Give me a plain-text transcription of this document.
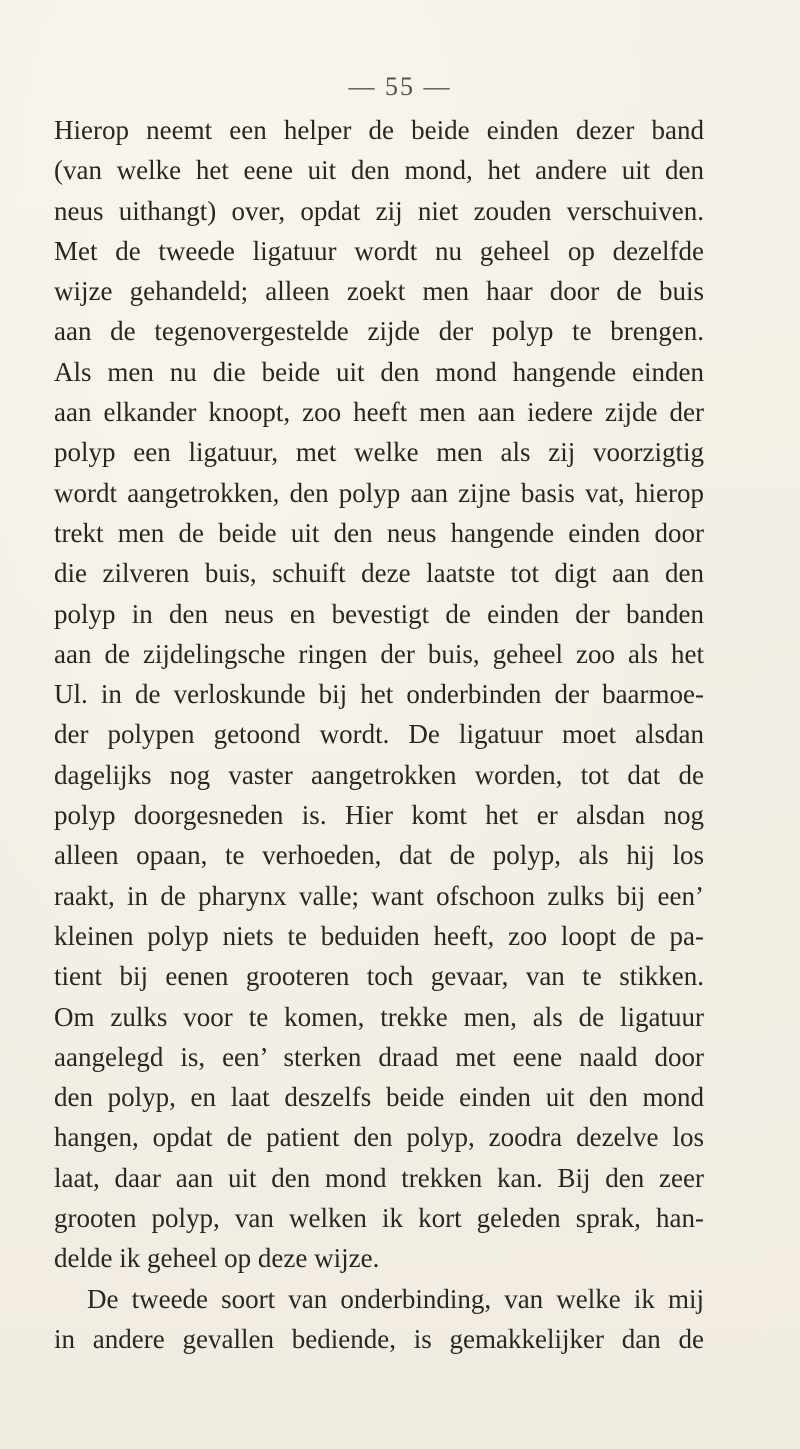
— 55 —
Hierop neemt een helper de beide einden dezer band
(van welke het eene uit den mond, het andere uit den
neus uithangt) over, opdat zij niet zouden verschuiven.
Met de tweede ligatuur wordt nu geheel op dezelfde
wijze gehandeld; alleen zoekt men haar door de buis
aan de tegenovergestelde zijde der polyp te brengen.
Als men nu die beide uit den mond hangende einden
aan elkander knoopt, zoo heeft men aan iedere zijde der
polyp een ligatuur, met welke men als zij voorzigtig
wordt aangetrokken, den polyp aan zijne basis vat, hierop
trekt men de beide uit den neus hangende einden door
die zilveren buis, schuift deze laatste tot digt aan den
polyp in den neus en bevestigt de einden der banden
aan de zijdelingsche ringen der buis, geheel zoo als het
Ul. in de verloskunde bij het onderbinden der baarmoe-
der polypen getoond wordt. De ligatuur moet alsdan
dagelijks nog vaster aangetrokken worden, tot dat de
polyp doorgesneden is. Hier komt het er alsdan nog
alleen opaan, te verhoeden, dat de polyp, als hij los
raakt, in de pharynx valle; want ofschoon zulks bij een’
kleinen polyp niets te beduiden heeft, zoo loopt de pa-
tient bij eenen grooteren toch gevaar, van te stikken.
Om zulks voor te komen, trekke men, als de ligatuur
aangelegd is, een’ sterken draad met eene naald door
den polyp, en laat deszelfs beide einden uit den mond
hangen, opdat de patient den polyp, zoodra dezelve los
laat, daar aan uit den mond trekken kan. Bij den zeer
grooten polyp, van welken ik kort geleden sprak, han-
delde ik geheel op deze wijze.
De tweede soort van onderbinding, van welke ik mij
in andere gevallen bediende, is gemakkelijker dan de
